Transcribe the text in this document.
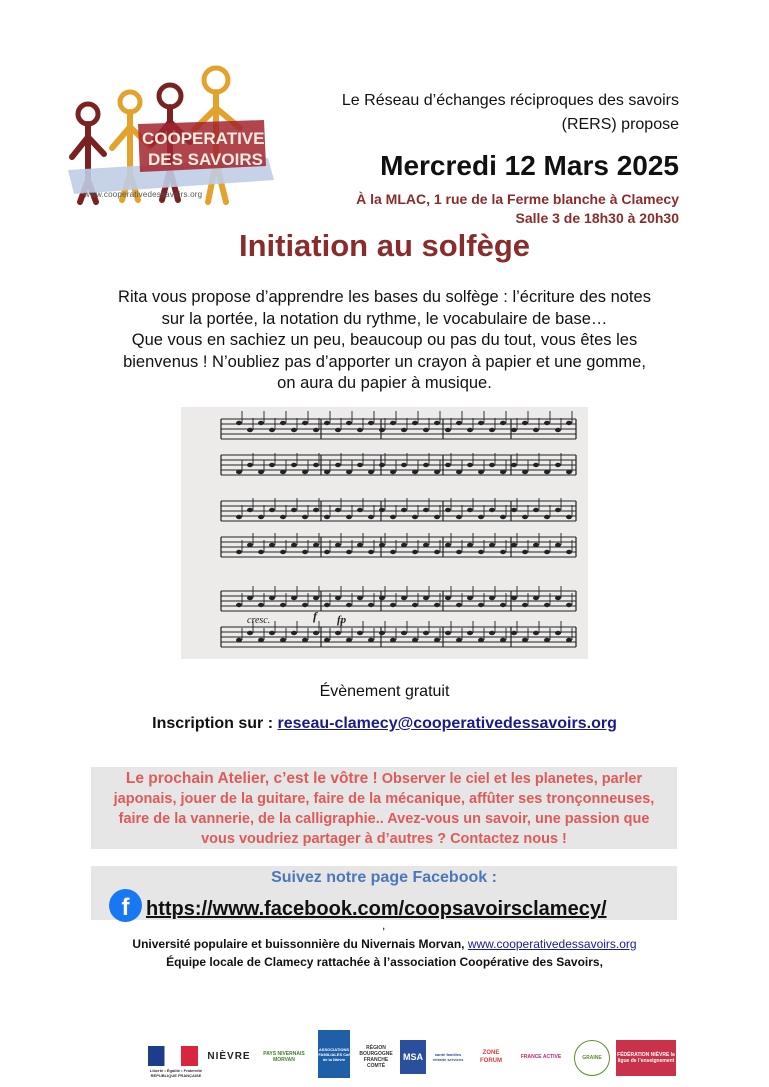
COOPERATIVE
DES SAVOIRS
www.cooperativedessavoirs.org
Le Réseau d’échanges réciproques des savoirs
(RERS) propose
Mercredi 12 Mars 2025
À la MLAC, 1 rue de la Ferme blanche à Clamecy
Salle 3 de 18h30 à 20h30
Initiation au solfège
Rita vous propose d’apprendre les bases du solfège : l’écriture des notes
sur la portée, la notation du rythme, le vocabulaire de base…
Que vous en sachiez un peu, beaucoup ou pas du tout, vous êtes les
bienvenus ! N’oubliez pas d’apporter un crayon à papier et une gomme,
on aura du papier à musique.
cresc.	f fp
Évènement gratuit
Inscription sur : reseau-clamecy@cooperativedessavoirs.org
Le prochain Atelier, c’est le vôtre ! Observer le ciel et les planetes, parler
japonais, jouer de la guitare, faire de la mécanique, affûter ses tronçonneuses,
faire de la vannerie, de la calligraphie.. Avez-vous un savoir, une passion que
vous voudriez partager à d’autres ? Contactez nous !
Suivez notre page Facebook :
f https://www.facebook.com/coopsavoirsclamecy/
,
Université populaire et buissonnière du Nivernais Morvan, www.cooperativedessavoirs.org
Équipe locale de Clamecy rattachée à l’association Coopérative des Savoirs,
Liberté • Égalité • Fraternité RÉPUBLIQUE FRANÇAISE
NIÈVRE	PAYS NIVERNAIS MORVAN
ASSOCIATIONS FAMILIALES Caf de la Nièvre
RÉGION BOURGOGNE FRANCHE COMTÉ
MSA	santé familles retraite services
ZONE FORUM
FRANCE ACTIVE	GRAINE	FÉDÉRATION NIÈVRE la ligue de l’enseignement
